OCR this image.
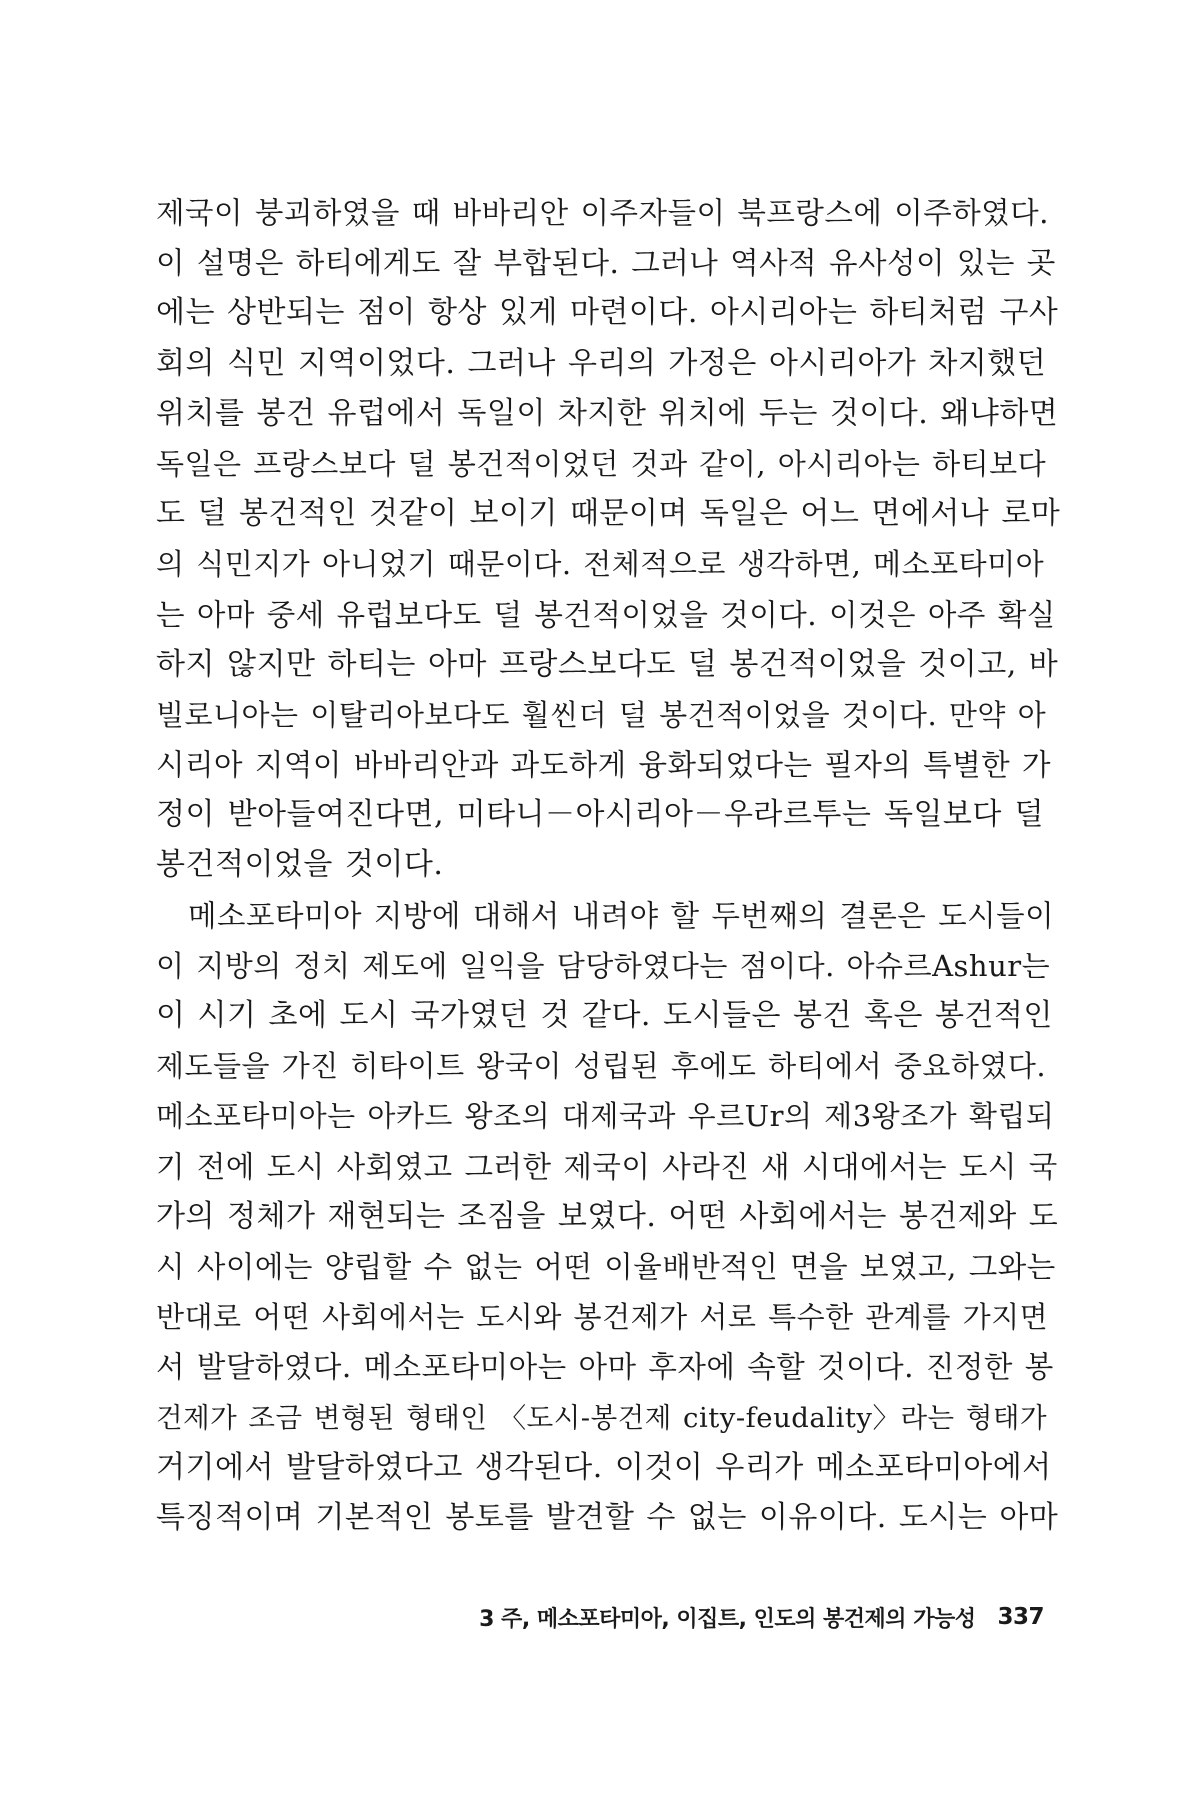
제국이 붕괴하였을 때 바바리안 이주자들이 북프랑스에 이주하였다.
이 설명은 하티에게도 잘 부합된다. 그러나 역사적 유사성이 있는 곳
에는 상반되는 점이 항상 있게 마련이다. 아시리아는 하티처럼 구사
회의 식민 지역이었다. 그러나 우리의 가정은 아시리아가 차지했던
위치를 봉건 유럽에서 독일이 차지한 위치에 두는 것이다. 왜냐하면
독일은 프랑스보다 덜 봉건적이었던 것과 같이, 아시리아는 하티보다
도 덜 봉건적인 것같이 보이기 때문이며 독일은 어느 면에서나 로마
의 식민지가 아니었기 때문이다. 전체적으로 생각하면, 메소포타미아
는 아마 중세 유럽보다도 덜 봉건적이었을 것이다. 이것은 아주 확실
하지 않지만 하티는 아마 프랑스보다도 덜 봉건적이었을 것이고, 바
빌로니아는 이탈리아보다도 훨씬더 덜 봉건적이었을 것이다. 만약 아
시리아 지역이 바바리안과 과도하게 융화되었다는 필자의 특별한 가
정이 받아들여진다면, 미타니－아시리아－우라르투는 독일보다 덜
봉건적이었을 것이다.
메소포타미아 지방에 대해서 내려야 할 두번째의 결론은 도시들이
이 지방의 정치 제도에 일익을 담당하였다는 점이다. 아슈르Ashur는
이 시기 초에 도시 국가였던 것 같다. 도시들은 봉건 혹은 봉건적인
제도들을 가진 히타이트 왕국이 성립된 후에도 하티에서 중요하였다.
메소포타미아는 아카드 왕조의 대제국과 우르Ur의 제3왕조가 확립되
기 전에 도시 사회였고 그러한 제국이 사라진 새 시대에서는 도시 국
가의 정체가 재현되는 조짐을 보였다. 어떤 사회에서는 봉건제와 도
시 사이에는 양립할 수 없는 어떤 이율배반적인 면을 보였고, 그와는
반대로 어떤 사회에서는 도시와 봉건제가 서로 특수한 관계를 가지면
서 발달하였다. 메소포타미아는 아마 후자에 속할 것이다. 진정한 봉
건제가 조금 변형된 형태인 〈도시-봉건제 city-feudality〉라는 형태가
거기에서 발달하였다고 생각된다. 이것이 우리가 메소포타미아에서
특징적이며 기본적인 봉토를 발견할 수 없는 이유이다. 도시는 아마
3 주, 메소포타미아, 이집트, 인도의 봉건제의 가능성 337
